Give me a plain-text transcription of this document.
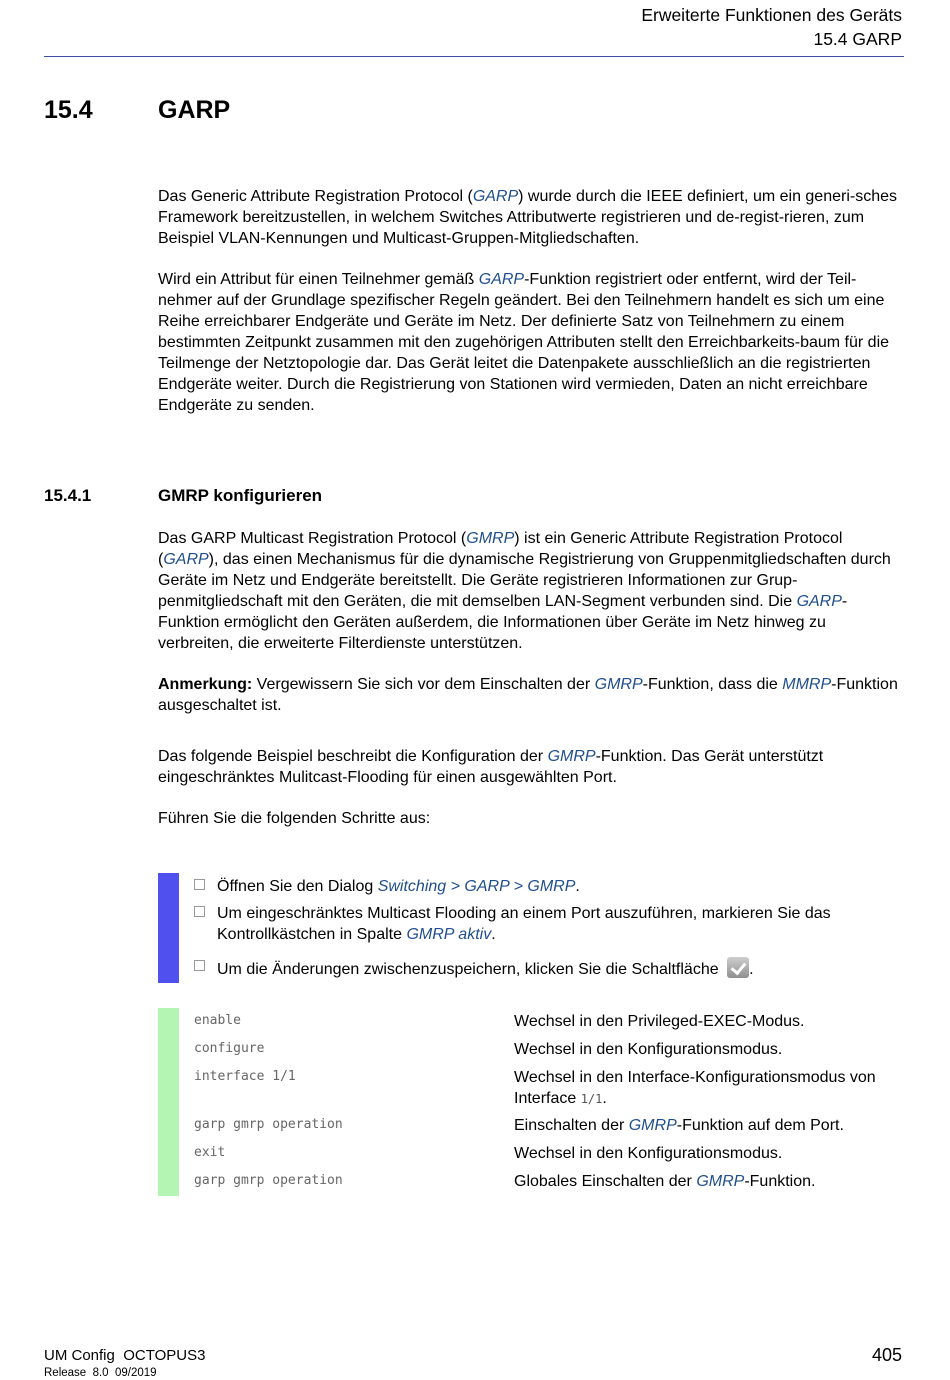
Erweiterte Funktionen des Geräts
15.4 GARP
15.4	GARP

Das Generic Attribute Registration Protocol (GARP) wurde durch die IEEE definiert, um ein generi-sches Framework bereitzustellen, in welchem Switches Attributwerte registrieren und de-regist-rieren, zum Beispiel VLAN-Kennungen und Multicast-Gruppen-Mitgliedschaften.

Wird ein Attribut für einen Teilnehmer gemäß GARP-Funktion registriert oder entfernt, wird der Teil-nehmer auf der Grundlage spezifischer Regeln geändert. Bei den Teilnehmern handelt es sich um eine Reihe erreichbarer Endgeräte und Geräte im Netz. Der definierte Satz von Teilnehmern zu einem bestimmten Zeitpunkt zusammen mit den zugehörigen Attributen stellt den Erreichbarkeits-baum für die Teilmenge der Netztopologie dar. Das Gerät leitet die Datenpakete ausschließlich an die registrierten Endgeräte weiter. Durch die Registrierung von Stationen wird vermieden, Daten an nicht erreichbare Endgeräte zu senden.

15.4.1	GMRP konfigurieren

Das GARP Multicast Registration Protocol (GMRP) ist ein Generic Attribute Registration Protocol (GARP), das einen Mechanismus für die dynamische Registrierung von Gruppenmitgliedschaften durch Geräte im Netz und Endgeräte bereitstellt. Die Geräte registrieren Informationen zur Grup-penmitgliedschaft mit den Geräten, die mit demselben LAN-Segment verbunden sind. Die GARP-Funktion ermöglicht den Geräten außerdem, die Informationen über Geräte im Netz hinweg zu verbreiten, die erweiterte Filterdienste unterstützen.

Anmerkung: Vergewissern Sie sich vor dem Einschalten der GMRP-Funktion, dass die MMRP-Funktion ausgeschaltet ist.

Das folgende Beispiel beschreibt die Konfiguration der GMRP-Funktion. Das Gerät unterstützt eingeschränktes Mulitcast-Flooding für einen ausgewählten Port.

Führen Sie die folgenden Schritte aus:

Öffnen Sie den Dialog Switching > GARP > GMRP.
Um eingeschränktes Multicast Flooding an einem Port auszuführen, markieren Sie das Kontrollkästchen in Spalte GMRP aktiv.
Um die Änderungen zwischenzuspeichern, klicken Sie die Schaltfläche .
enable	Wechsel in den Privileged-EXEC-Modus.
configure	Wechsel in den Konfigurationsmodus.
interface 1/1	Wechsel in den Interface-Konfigurationsmodus von Interface 1/1.
garp gmrp operation	Einschalten der GMRP-Funktion auf dem Port.
exit	Wechsel in den Konfigurationsmodus.
garp gmrp operation	Globales Einschalten der GMRP-Funktion.
UM Config  OCTOPUS3
Release  8.0  09/2019
405
